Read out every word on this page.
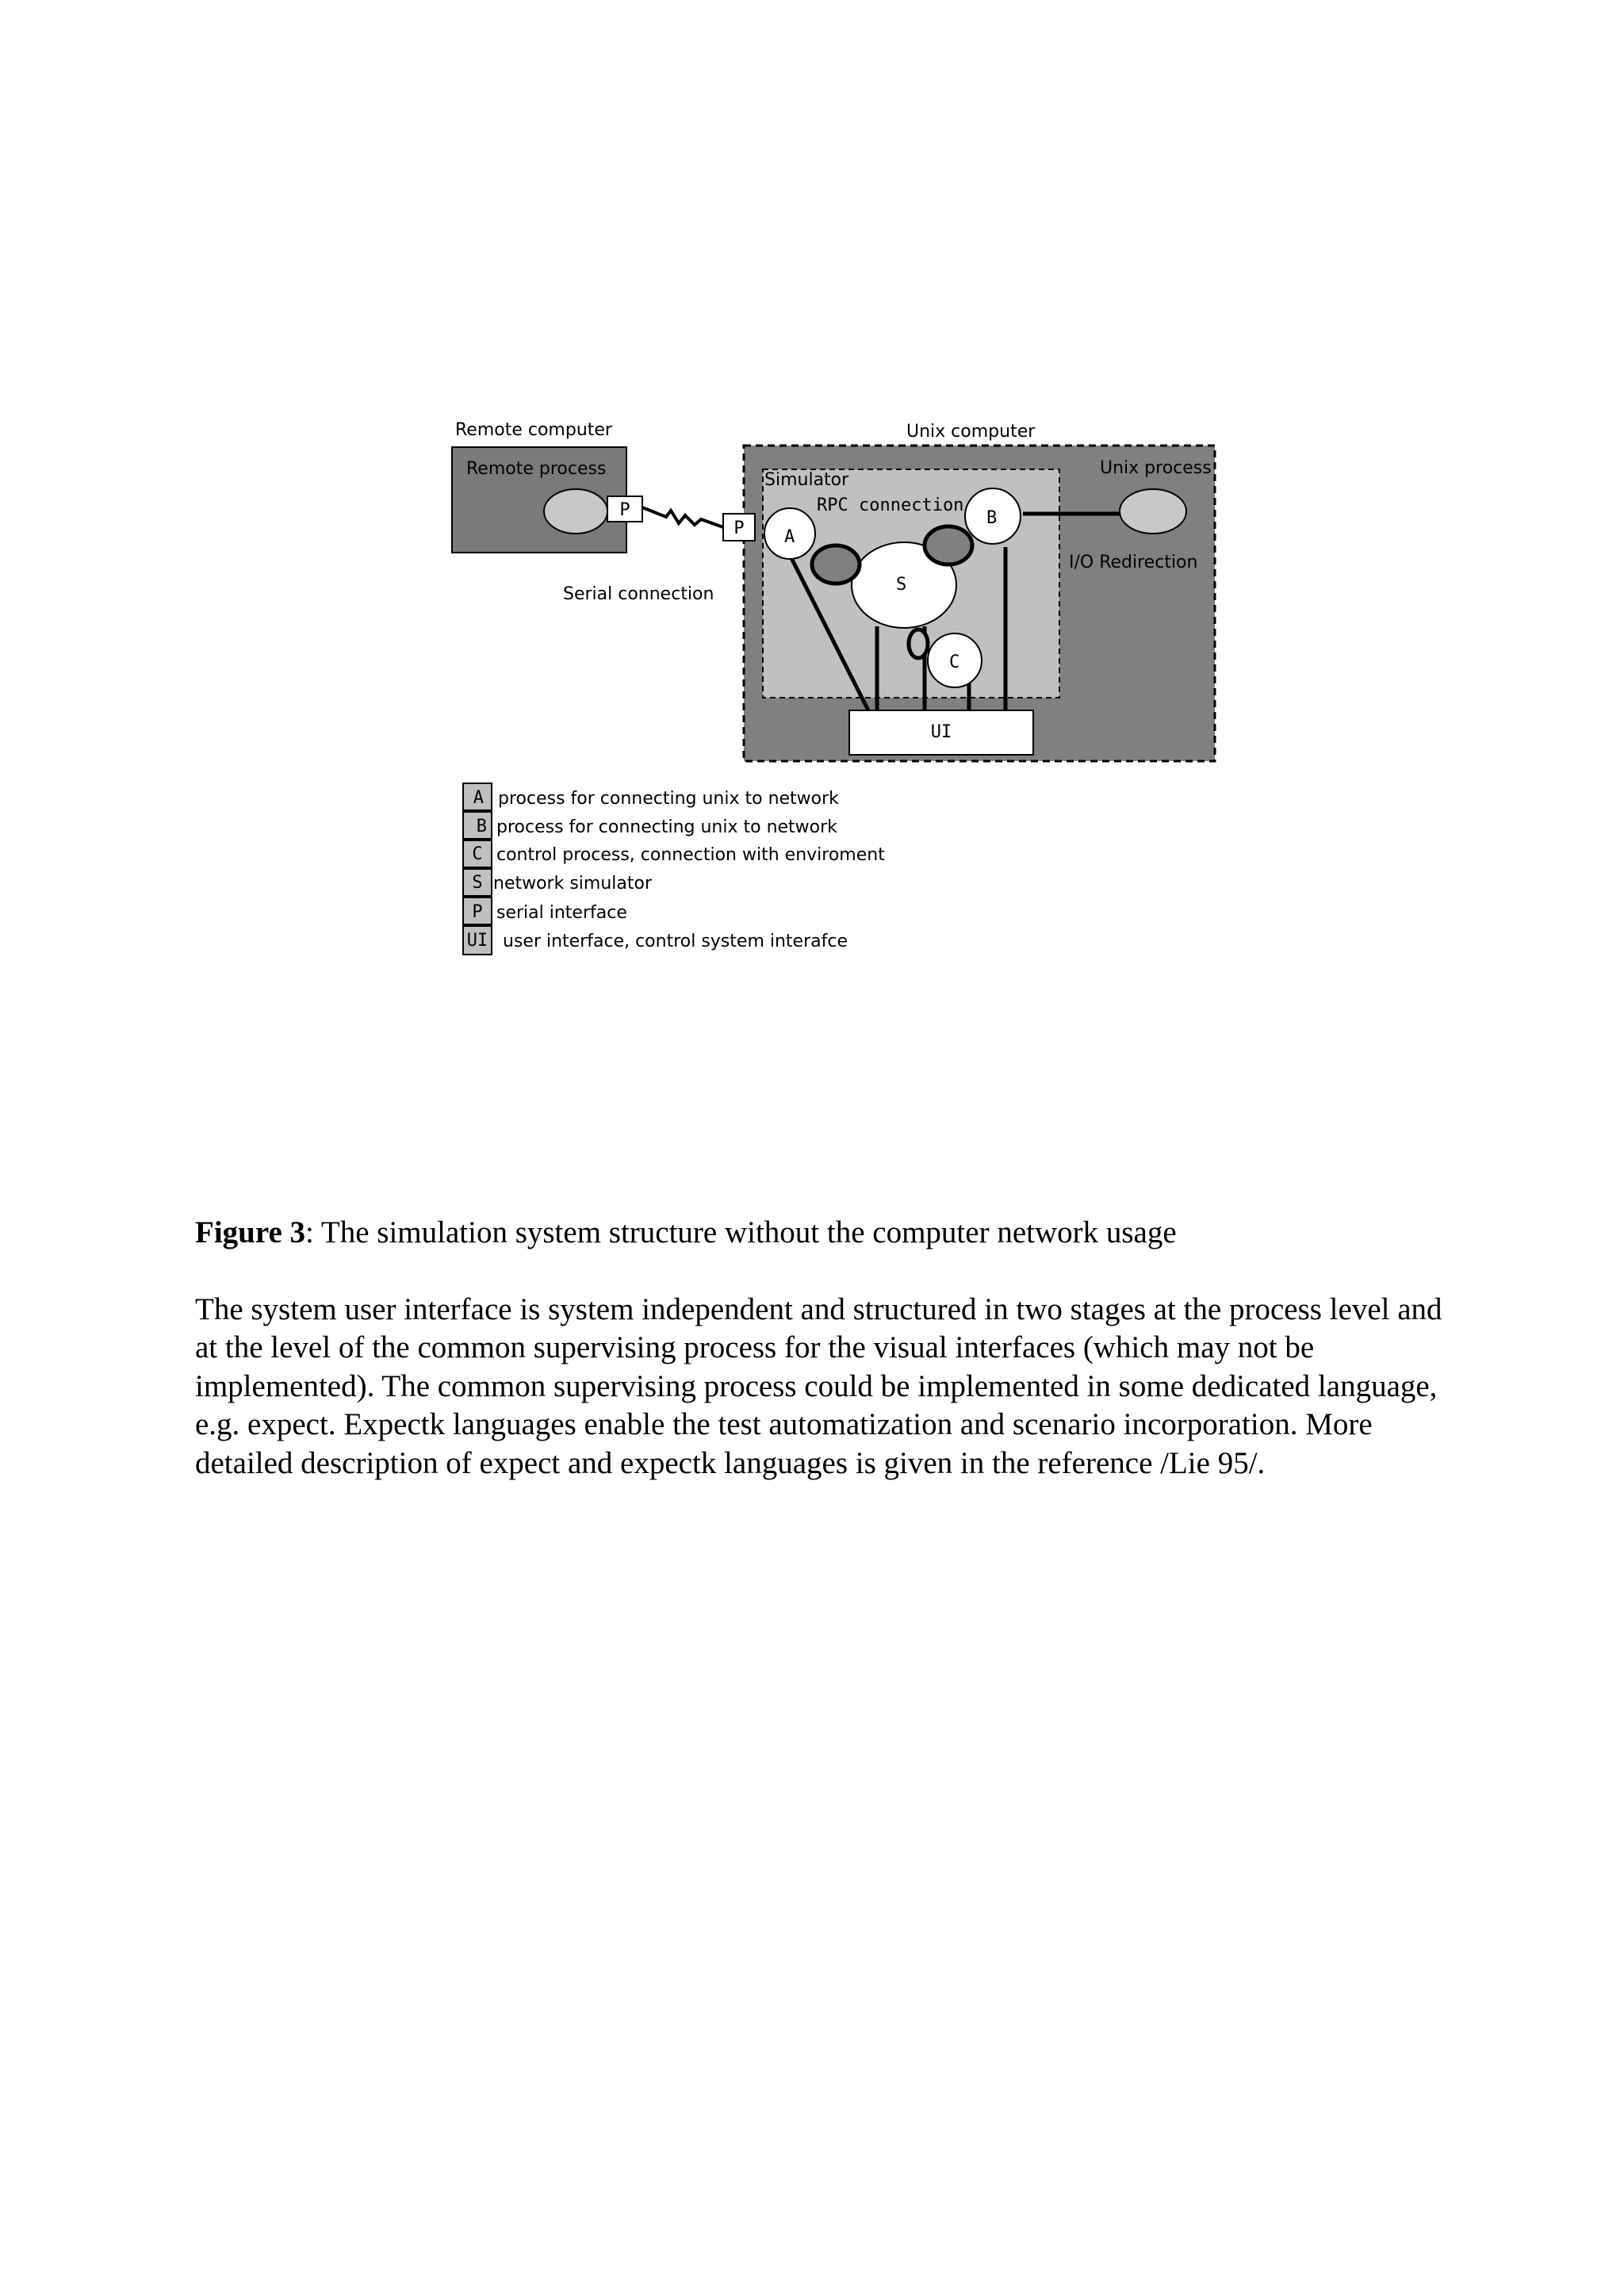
Remote computer
Remote process
P
Serial connection
Unix computer
Unix process
I/O Redirection
Simulator
RPC connection
P
S
A
B
C
UI
A process for connecting unix to network
B process for connecting unix to network
C control process, connection with enviroment
S network simulator
P serial interface
UI user interface, control system interafce

Figure 3: The simulation system structure without the computer network usage

The system user interface is system independent and structured in two stages at the process level and at the level of the common supervising process for the visual interfaces (which may not be implemented). The common supervising process could be implemented in some dedicated language, e.g. expect. Expectk languages enable the test automatization and scenario incorporation. More detailed description of expect and expectk languages is given in the reference /Lie 95/.
